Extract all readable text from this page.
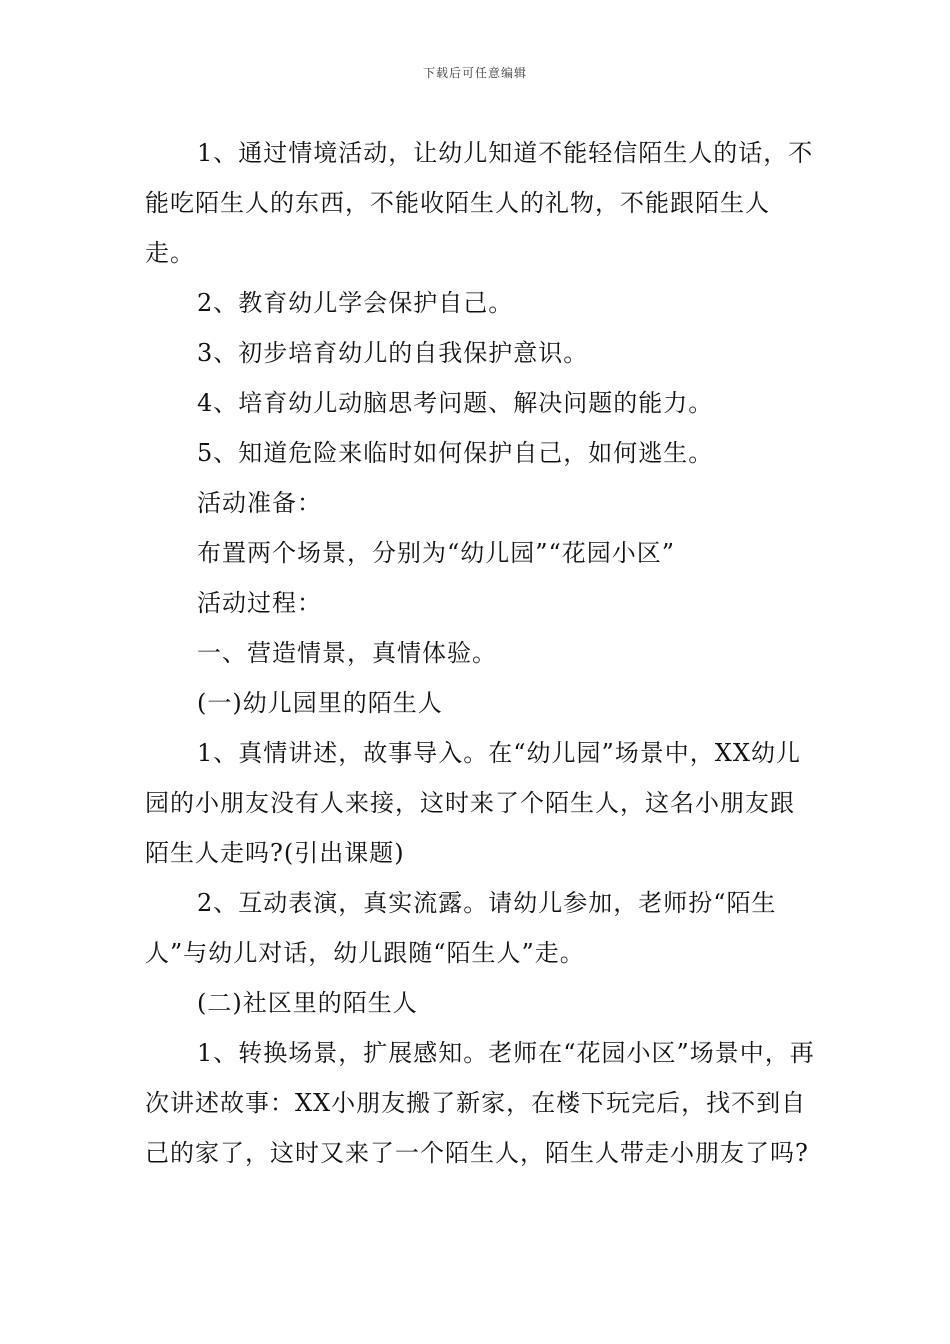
下载后可任意编辑

1、通过情境活动，让幼儿知道不能轻信陌生人的话，不能吃陌生人的东西，不能收陌生人的礼物，不能跟陌生人走。

2、教育幼儿学会保护自己。

3、初步培育幼儿的自我保护意识。

4、培育幼儿动脑思考问题、解决问题的能力。

5、知道危险来临时如何保护自己，如何逃生。

活动准备：

布置两个场景，分别为“幼儿园”“花园小区”

活动过程：

一、营造情景，真情体验。

(一)幼儿园里的陌生人

1、真情讲述，故事导入。在“幼儿园”场景中，XX幼儿园的小朋友没有人来接，这时来了个陌生人，这名小朋友跟陌生人走吗?(引出课题)

2、互动表演，真实流露。请幼儿参加，老师扮“陌生人”与幼儿对话，幼儿跟随“陌生人”走。

(二)社区里的陌生人

1、转换场景，扩展感知。老师在“花园小区”场景中，再次讲述故事：XX小朋友搬了新家，在楼下玩完后，找不到自己的家了，这时又来了一个陌生人，陌生人带走小朋友了吗?
